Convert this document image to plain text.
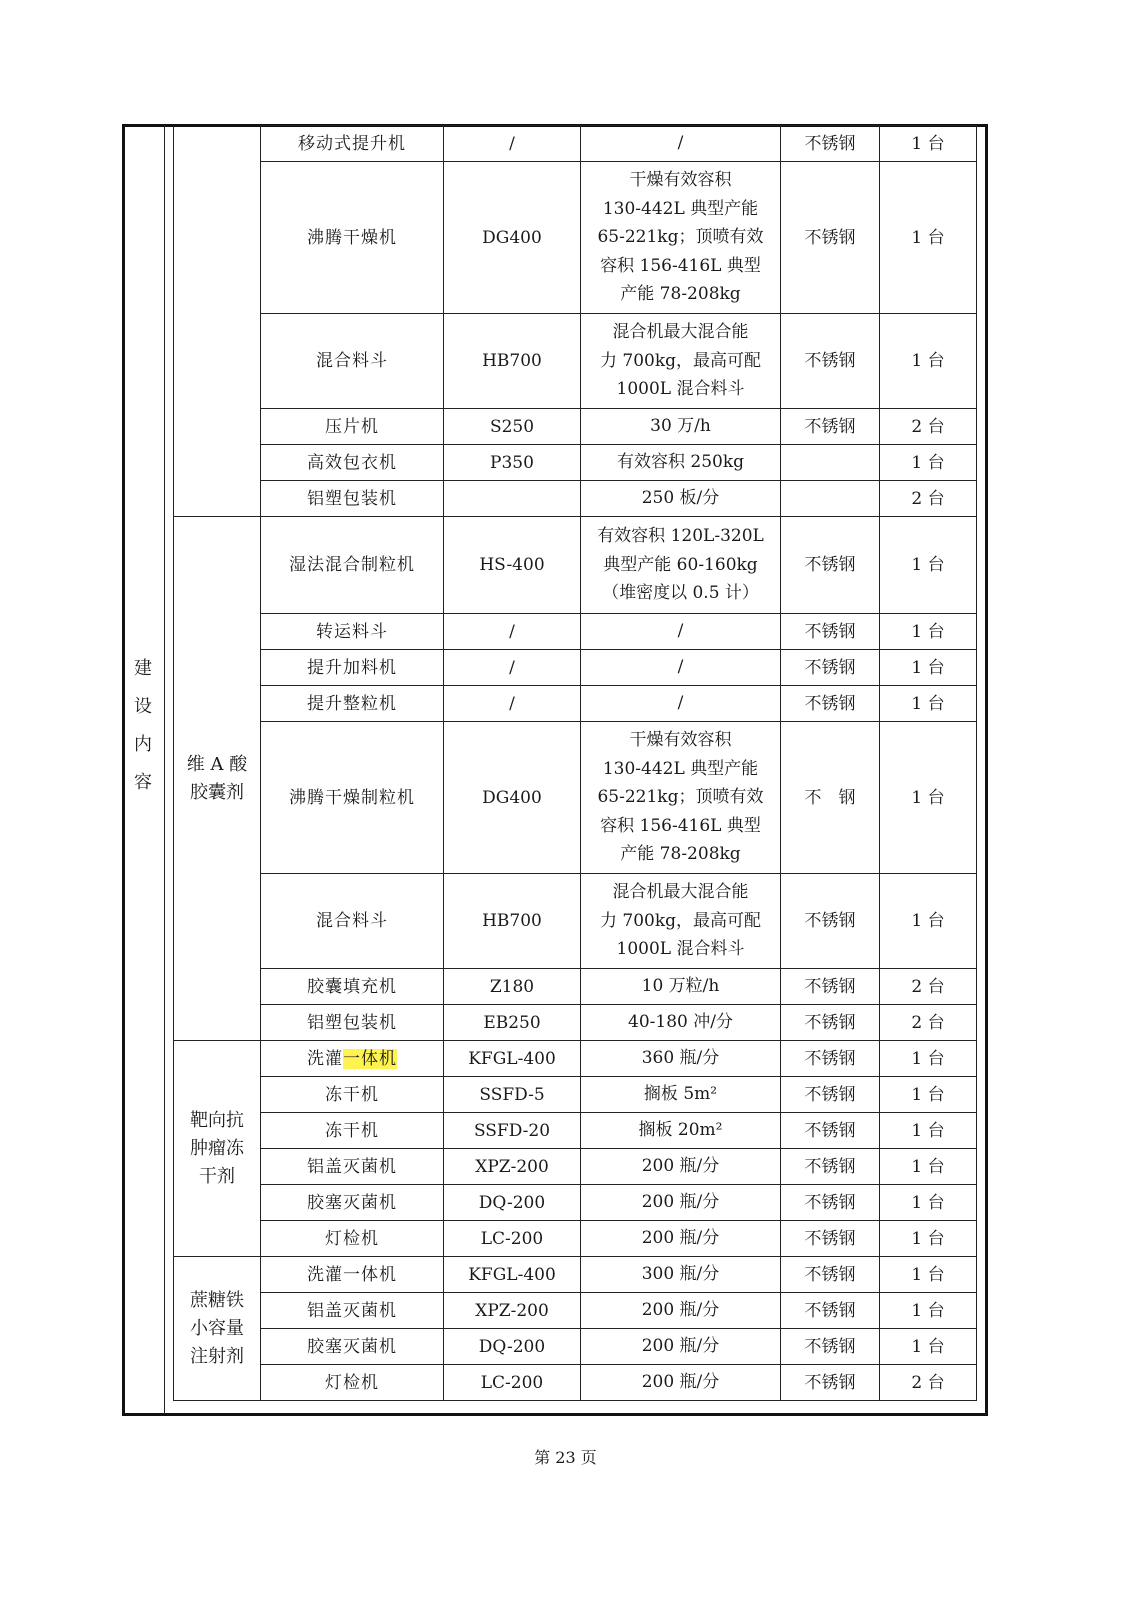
建
设
内
容
	移动式提升机	/	/	不锈钢	1 台
	沸腾干燥机	DG400	干燥有效容积
130-442L 典型产能
65-221kg；顶喷有效
容积 156-416L 典型
产能 78-208kg	不锈钢	1 台
	混合料斗	HB700	混合机最大混合能
力 700kg，最高可配
1000L 混合料斗	不锈钢	1 台
	压片机	S250	30 万/h	不锈钢	2 台
	高效包衣机	P350	有效容积 250kg		1 台
	铝塑包装机		250 板/分		2 台

维 A 酸
胶囊剂	湿法混合制粒机	HS-400	有效容积 120L-320L
典型产能 60-160kg
（堆密度以 0.5 计）	不锈钢	1 台
	转运料斗	/	/	不锈钢	1 台
	提升加料机	/	/	不锈钢	1 台
	提升整粒机	/	/	不锈钢	1 台
	沸腾干燥制粒机	DG400	干燥有效容积
130-442L 典型产能
65-221kg；顶喷有效
容积 156-416L 典型
产能 78-208kg	不　钢	1 台
	混合料斗	HB700	混合机最大混合能
力 700kg，最高可配
1000L 混合料斗	不锈钢	1 台
	胶囊填充机	Z180	10 万粒/h	不锈钢	2 台
	铝塑包装机	EB250	40-180 冲/分	不锈钢	2 台

靶向抗
肿瘤冻
干剂	洗灌一体机	KFGL-400	360 瓶/分	不锈钢	1 台
	冻干机	SSFD-5	搁板 5m²	不锈钢	1 台
	冻干机	SSFD-20	搁板 20m²	不锈钢	1 台
	铝盖灭菌机	XPZ-200	200 瓶/分	不锈钢	1 台
	胶塞灭菌机	DQ-200	200 瓶/分	不锈钢	1 台
	灯检机	LC-200	200 瓶/分	不锈钢	1 台

蔗糖铁
小容量
注射剂	洗灌一体机	KFGL-400	300 瓶/分	不锈钢	1 台
	铝盖灭菌机	XPZ-200	200 瓶/分	不锈钢	1 台
	胶塞灭菌机	DQ-200	200 瓶/分	不锈钢	1 台
	灯检机	LC-200	200 瓶/分	不锈钢	2 台
第 23 页
